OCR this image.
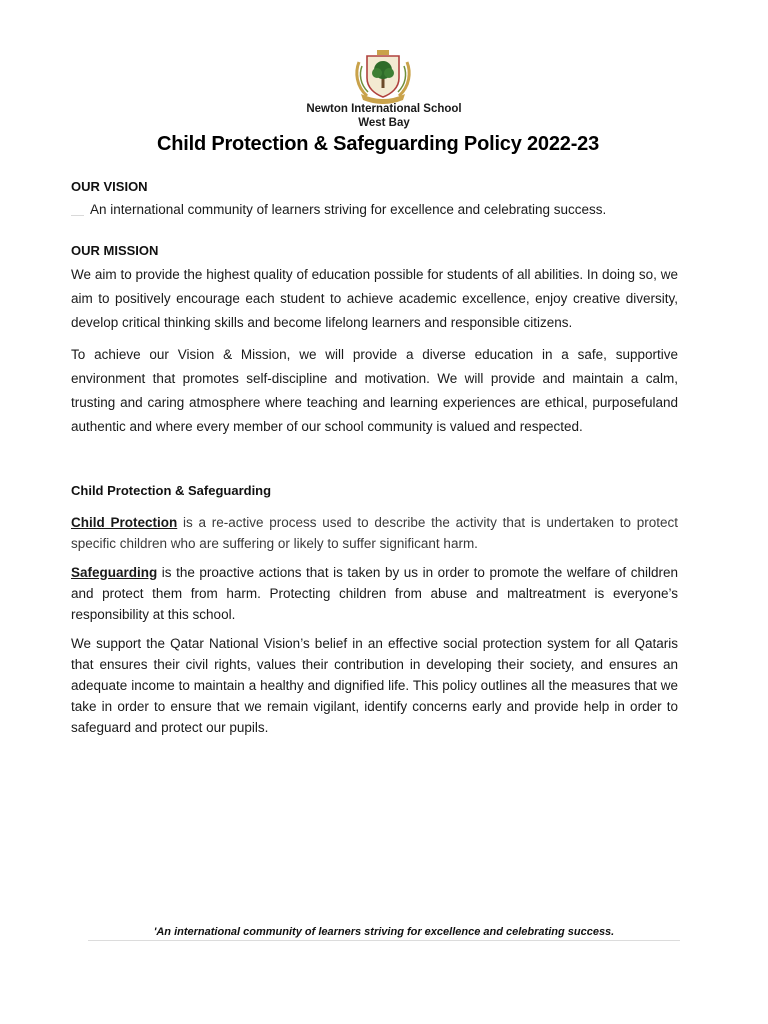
Newton International School
West Bay
Child Protection & Safeguarding Policy 2022-23
OUR VISION
An international community of learners striving for excellence and celebrating success.
OUR MISSION

We aim to provide the highest quality of education possible for students of all abilities. In doing so, we aim to positively encourage each student to achieve academic excellence, enjoy creative diversity, develop critical thinking skills and become lifelong learners and responsible citizens.

To achieve our Vision & Mission, we will provide a diverse education in a safe, supportive environment that promotes self-discipline and motivation. We will provide and maintain a calm, trusting and caring atmosphere where teaching and learning experiences are ethical, purposefuland authentic and where every member of our school community is valued and respected.

Child Protection & Safeguarding

Child Protection is a re-active process used to describe the activity that is undertaken to protect specific children who are suffering or likely to suffer significant harm.

Safeguarding is the proactive actions that is taken by us in order to promote the welfare of children and protect them from harm. Protecting children from abuse and maltreatment is everyone’s responsibility at this school.

We support the Qatar National Vision’s belief in an effective social protection system for all Qataris that ensures their civil rights, values their contribution in developing their society, and ensures an adequate income to maintain a healthy and dignified life. This policy outlines all the measures that we take in order to ensure that we remain vigilant, identify concerns early and provide help in order to safeguard and protect our pupils.

'An international community of learners striving for excellence and celebrating success.
